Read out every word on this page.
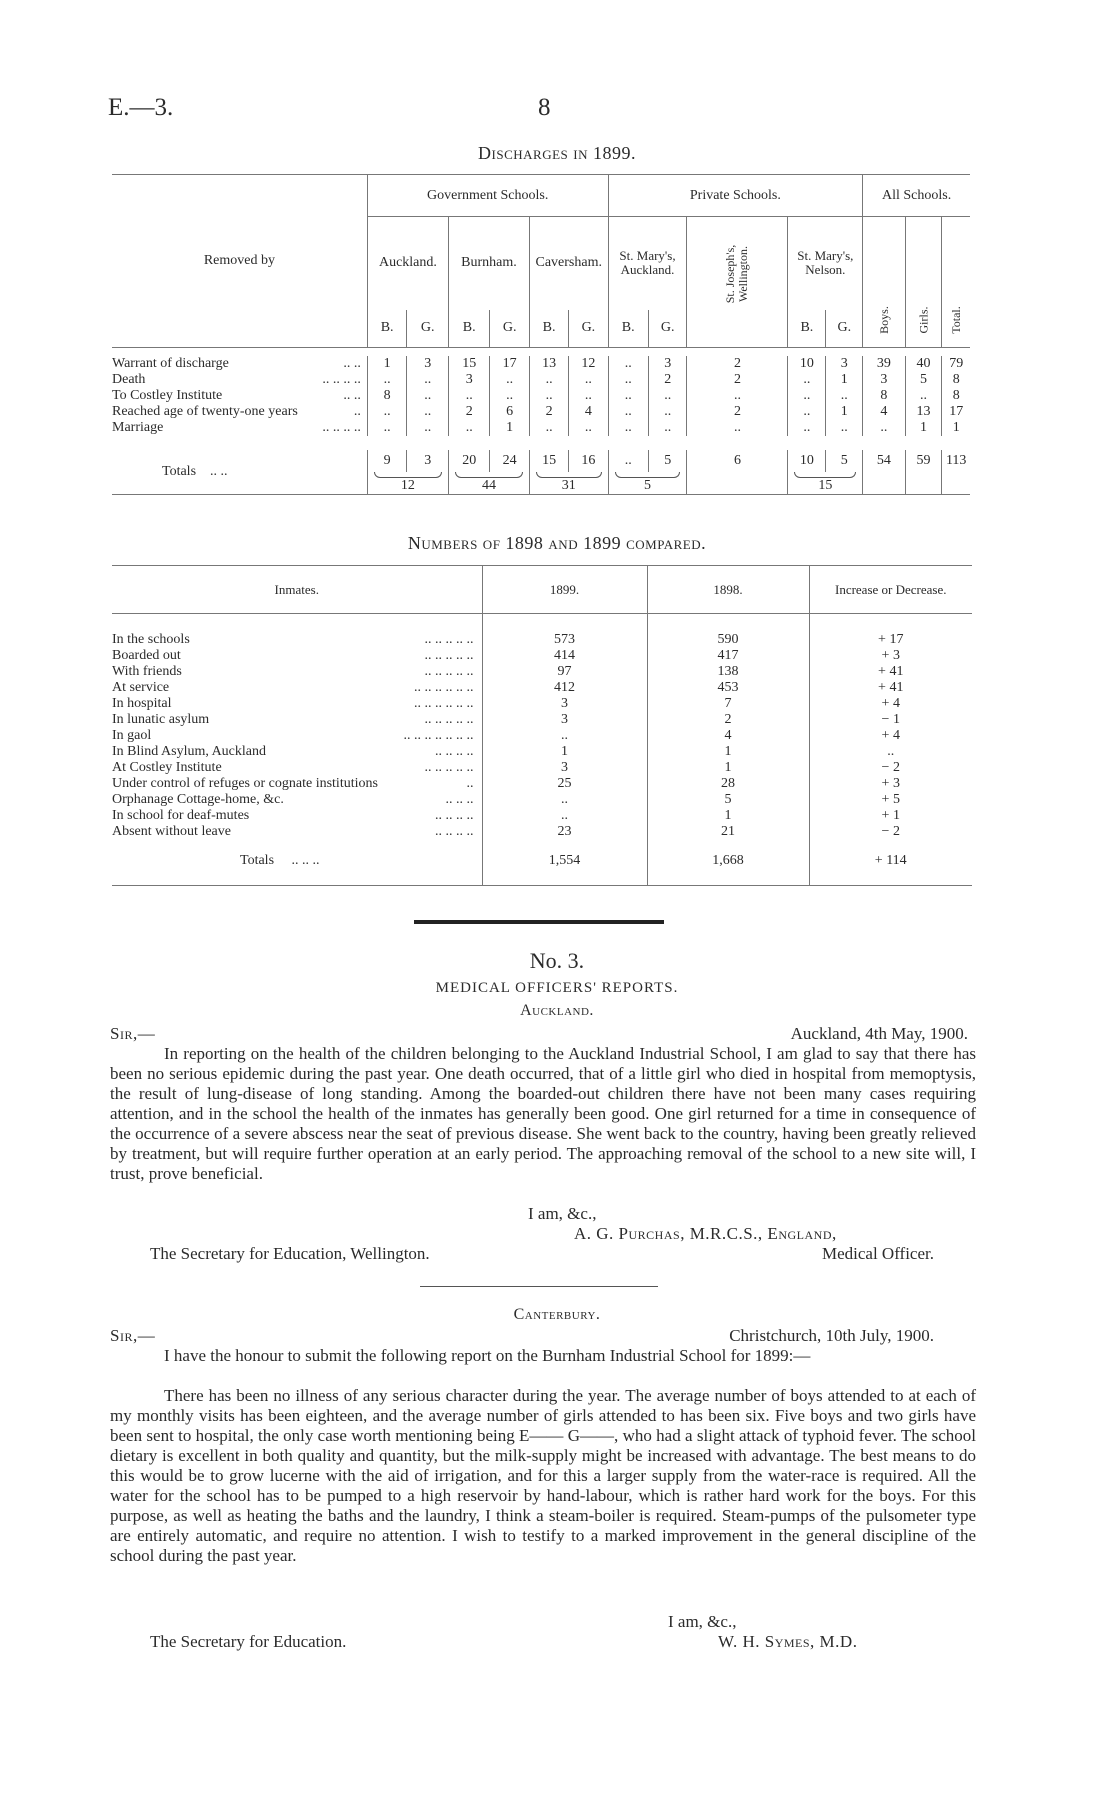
E.—3.	8
Discharges in 1899.
Removed by	Government Schools.						Private Schools.					All Schools.		
	Auckland.		Burnham.		Caversham.		St. Mary's, Auckland.		St. Joseph's, Wellington.	St. Mary's, Nelson.		Boys.	Girls.	Total.
	B.	G.	B.	G.	B.	G.	B.	G.		B.	G.			

Warrant of discharge .. ..	1	3	15	17	13	12	..	3	2	10	3	39	40	79
Death .. .. .. ..	..	..	3	..	..	..	..	2	2	..	1	3	5	8
To Costley Institute .. ..	8	..	..	..	..	..	..	..	..	..	..	8	..	8
Reached age of twenty-one years ..	..	..	2	6	2	4	..	..	2	..	1	4	13	17
Marriage .. .. .. ..	..	..	..	1	..	..	..	..	..	..	..	..	1	1

Totals .. ..	9	3	20	24	15	16	..	5	6	10	5	54	59	113

12		44		31		5			15				
Numbers of 1898 and 1899 compared.
Inmates.	1899.	1898.	Increase or Decrease.

In the schools .. .. .. .. ..	573	590	+ 17
Boarded out .. .. .. .. ..	414	417	+ 3
With friends .. .. .. .. ..	97	138	+ 41
At service .. .. .. .. .. ..	412	453	+ 41
In hospital .. .. .. .. .. ..	3	7	+ 4
In lunatic asylum .. .. .. .. ..	3	2	− 1
In gaol .. .. .. .. .. .. ..	..	4	+ 4
In Blind Asylum, Auckland .. .. .. ..	1	1	..
At Costley Institute .. .. .. .. ..	3	1	− 2
Under control of refuges or cognate institutions ..	25	28	+ 3
Orphanage Cottage-home, &c. .. .. ..	..	5	+ 5
In school for deaf-mutes .. .. .. ..	..	1	+ 1
Absent without leave .. .. .. ..	23	21	− 2

Totals .. .. ..	1,554	1,668	+ 114

No. 3.
MEDICAL OFFICERS' REPORTS.
Auckland.
Sir,—	Auckland, 4th May, 1900.
In reporting on the health of the children belonging to the Auckland Industrial School, I am glad to say that there has been no serious epidemic during the past year. One death occurred, that of a little girl who died in hospital from memoptysis, the result of lung-disease of long standing. Among the boarded-out children there have not been many cases requiring attention, and in the school the health of the inmates has generally been good. One girl returned for a time in consequence of the occurrence of a severe abscess near the seat of previous disease. She went back to the country, having been greatly relieved by treatment, but will require further operation at an early period. The approaching removal of the school to a new site will, I trust, prove beneficial.
I am, &c.,
A. G. Purchas, M.R.C.S., England,
The Secretary for Education, Wellington.	Medical Officer.
Canterbury.
Sir,—	Christchurch, 10th July, 1900.
I have the honour to submit the following report on the Burnham Industrial School for 1899:—
There has been no illness of any serious character during the year. The average number of boys attended to at each of my monthly visits has been eighteen, and the average number of girls attended to has been six. Five boys and two girls have been sent to hospital, the only case worth mentioning being E—— G——, who had a slight attack of typhoid fever. The school dietary is excellent in both quality and quantity, but the milk-supply might be increased with advantage. The best means to do this would be to grow lucerne with the aid of irrigation, and for this a larger supply from the water-race is required. All the water for the school has to be pumped to a high reservoir by hand-labour, which is rather hard work for the boys. For this purpose, as well as heating the baths and the laundry, I think a steam-boiler is required. Steam-pumps of the pulsometer type are entirely automatic, and require no attention. I wish to testify to a marked improvement in the general discipline of the school during the past year.
I am, &c.,
The Secretary for Education.	W. H. Symes, M.D.
